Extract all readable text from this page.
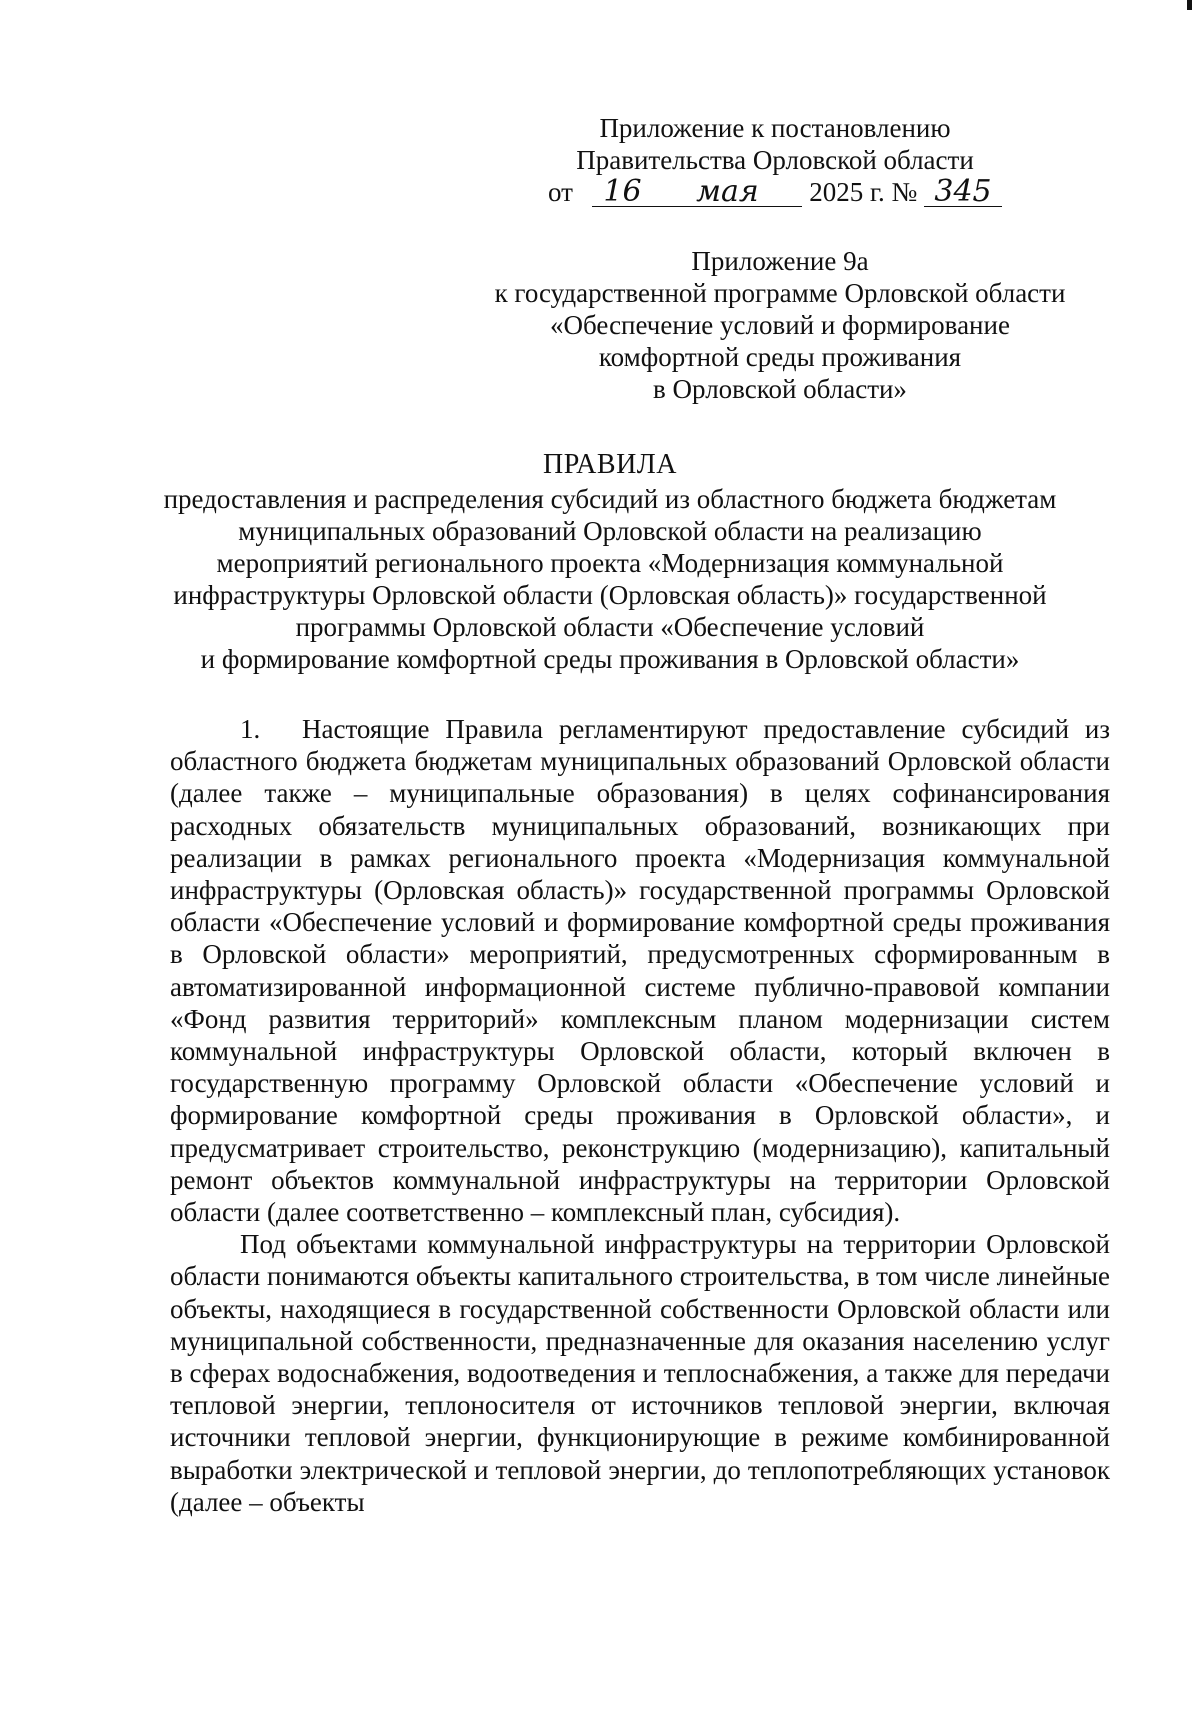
Приложение к постановлению
Правительства Орловской области
от 16 мая 2025 г. № 345
Приложение 9а
к государственной программе Орловской области
«Обеспечение условий и формирование
комфортной среды проживания
в Орловской области»
ПРАВИЛА
предоставления и распределения субсидий из областного бюджета бюджетам
муниципальных образований Орловской области на реализацию
мероприятий регионального проекта «Модернизация коммунальной
инфраструктуры Орловской области (Орловская область)» государственной
программы Орловской области «Обеспечение условий
и формирование комфортной среды проживания в Орловской области»

1. Настоящие Правила регламентируют предоставление субсидий из областного бюджета бюджетам муниципальных образований Орловской области (далее также – муниципальные образования) в целях софинансирования расходных обязательств муниципальных образований, возникающих при реализации в рамках регионального проекта «Модернизация коммунальной инфраструктуры (Орловская область)» государственной программы Орловской области «Обеспечение условий и формирование комфортной среды проживания в Орловской области» мероприятий, предусмотренных сформированным в автоматизированной информационной системе публично-правовой компании «Фонд развития территорий» комплексным планом модернизации систем коммунальной инфраструктуры Орловской области, который включен в государственную программу Орловской области «Обеспечение условий и формирование комфортной среды проживания в Орловской области», и предусматривает строительство, реконструкцию (модернизацию), капитальный ремонт объектов коммунальной инфраструктуры на территории Орловской области (далее соответственно – комплексный план, субсидия).

Под объектами коммунальной инфраструктуры на территории Орловской области понимаются объекты капитального строительства, в том числе линейные объекты, находящиеся в государственной собственности Орловской области или муниципальной собственности, предназначенные для оказания населению услуг в сферах водоснабжения, водоотведения и теплоснабжения, а также для передачи тепловой энергии, теплоносителя от источников тепловой энергии, включая источники тепловой энергии, функционирующие в режиме комбинированной выработки электрической и тепловой энергии, до теплопотребляющих установок (далее – объекты
